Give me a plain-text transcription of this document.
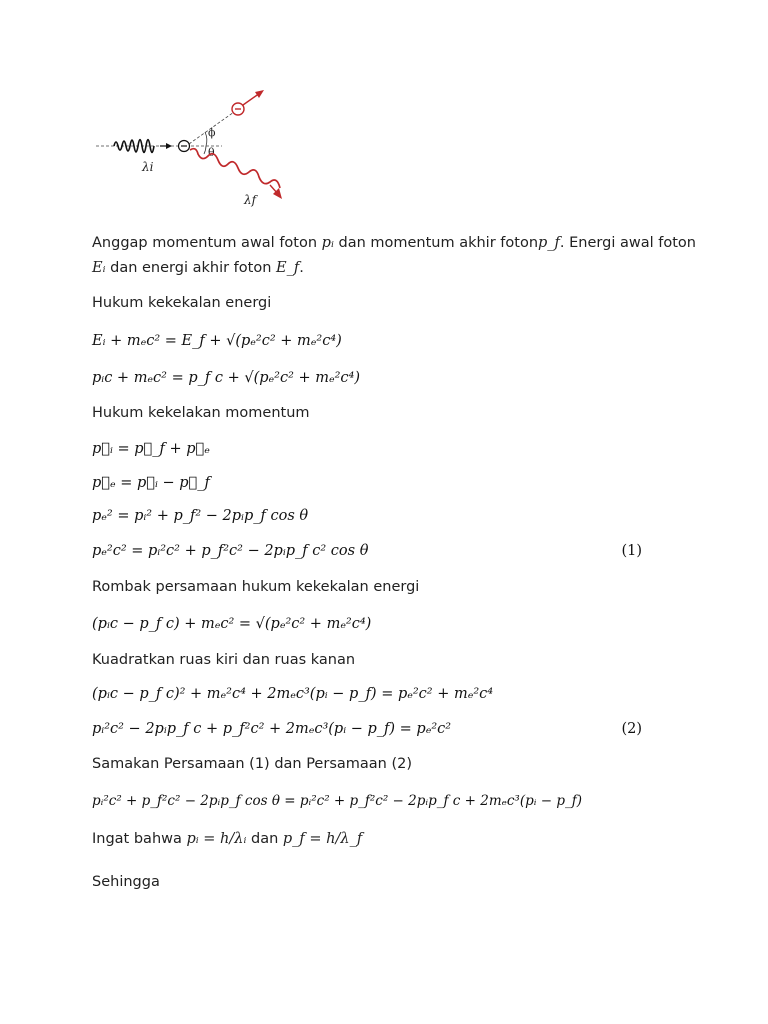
ϕ
θ
λi
λf
Anggap momentum awal foton pᵢ dan momentum akhir fotonp_f. Energi awal foton
Eᵢ dan energi akhir foton E_f.
Hukum kekekalan energi
Eᵢ + mₑc² = E_f + √(pₑ²c² + mₑ²c⁴)
pᵢc + mₑc² = p_f c + √(pₑ²c² + mₑ²c⁴)
Hukum kekelakan momentum
p⃗ᵢ = p⃗_f + p⃗ₑ
p⃗ₑ = p⃗ᵢ − p⃗_f
pₑ² = pᵢ² + p_f² − 2pᵢp_f cos θ
pₑ²c² = pᵢ²c² + p_f²c² − 2pᵢp_f c² cos θ	(1)
Rombak persamaan hukum kekekalan energi
(pᵢc − p_f c) + mₑc² = √(pₑ²c² + mₑ²c⁴)
Kuadratkan ruas kiri dan ruas kanan
(pᵢc − p_f c)² + mₑ²c⁴ + 2mₑc³(pᵢ − p_f) = pₑ²c² + mₑ²c⁴
pᵢ²c² − 2pᵢp_f c + p_f²c² + 2mₑc³(pᵢ − p_f) = pₑ²c²	(2)
Samakan Persamaan (1) dan Persamaan (2)
pᵢ²c² + p_f²c² − 2pᵢp_f cos θ = pᵢ²c² + p_f²c² − 2pᵢp_f c + 2mₑc³(pᵢ − p_f)
Ingat bahwa pᵢ = h/λᵢ dan p_f = h/λ_f
Sehingga
